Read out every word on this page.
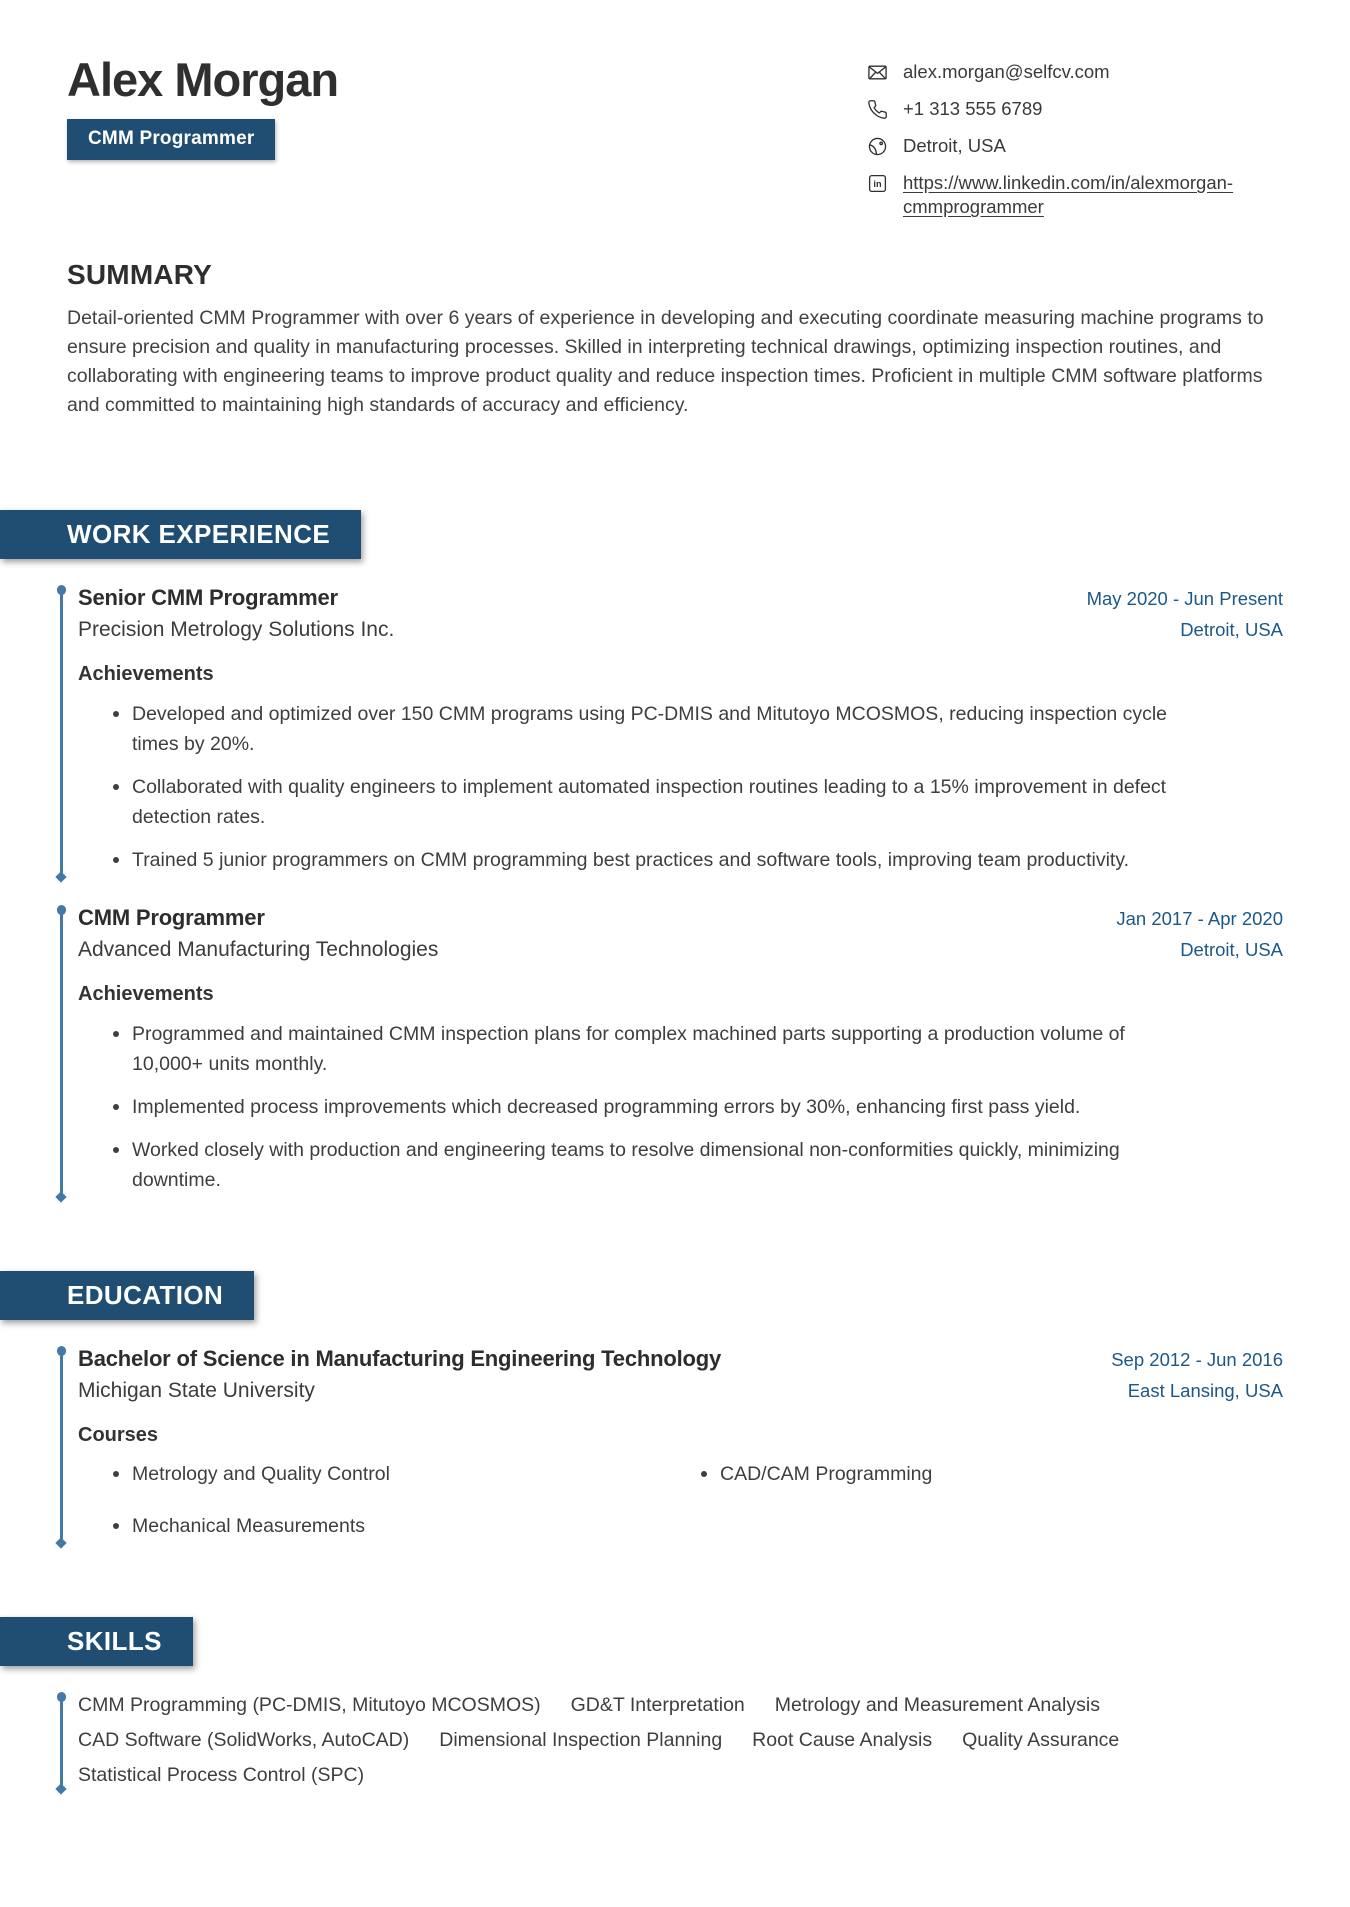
Alex Morgan
CMM Programmer
alex.morgan@selfcv.com
+1 313 555 6789
Detroit, USA
in https://www.linkedin.com/in/alexmorgan-cmmprogrammer
SUMMARY

Detail-oriented CMM Programmer with over 6 years of experience in developing and executing coordinate measuring machine programs to ensure precision and quality in manufacturing processes. Skilled in interpreting technical drawings, optimizing inspection routines, and collaborating with engineering teams to improve product quality and reduce inspection times. Proficient in multiple CMM software platforms and committed to maintaining high standards of accuracy and efficiency.

WORK EXPERIENCE
Senior CMM Programmer	May 2020 - Jun Present
Precision Metrology Solutions Inc.	Detroit, USA
Achievements
Developed and optimized over 150 CMM programs using PC-DMIS and Mitutoyo MCOSMOS, reducing inspection cycle times by 20%.
Collaborated with quality engineers to implement automated inspection routines leading to a 15% improvement in defect detection rates.
Trained 5 junior programmers on CMM programming best practices and software tools, improving team productivity.
CMM Programmer	Jan 2017 - Apr 2020
Advanced Manufacturing Technologies	Detroit, USA
Achievements
Programmed and maintained CMM inspection plans for complex machined parts supporting a production volume of 10,000+ units monthly.
Implemented process improvements which decreased programming errors by 30%, enhancing first pass yield.
Worked closely with production and engineering teams to resolve dimensional non-conformities quickly, minimizing downtime.
EDUCATION
Bachelor of Science in Manufacturing Engineering Technology	Sep 2012 - Jun 2016
Michigan State University	East Lansing, USA
Courses
Metrology and Quality Control	CAD/CAM Programming
Mechanical Measurements
SKILLS
CMM Programming (PC-DMIS, Mitutoyo MCOSMOS) GD&T Interpretation Metrology and Measurement Analysis
CAD Software (SolidWorks, AutoCAD) Dimensional Inspection Planning Root Cause Analysis Quality Assurance
Statistical Process Control (SPC)
